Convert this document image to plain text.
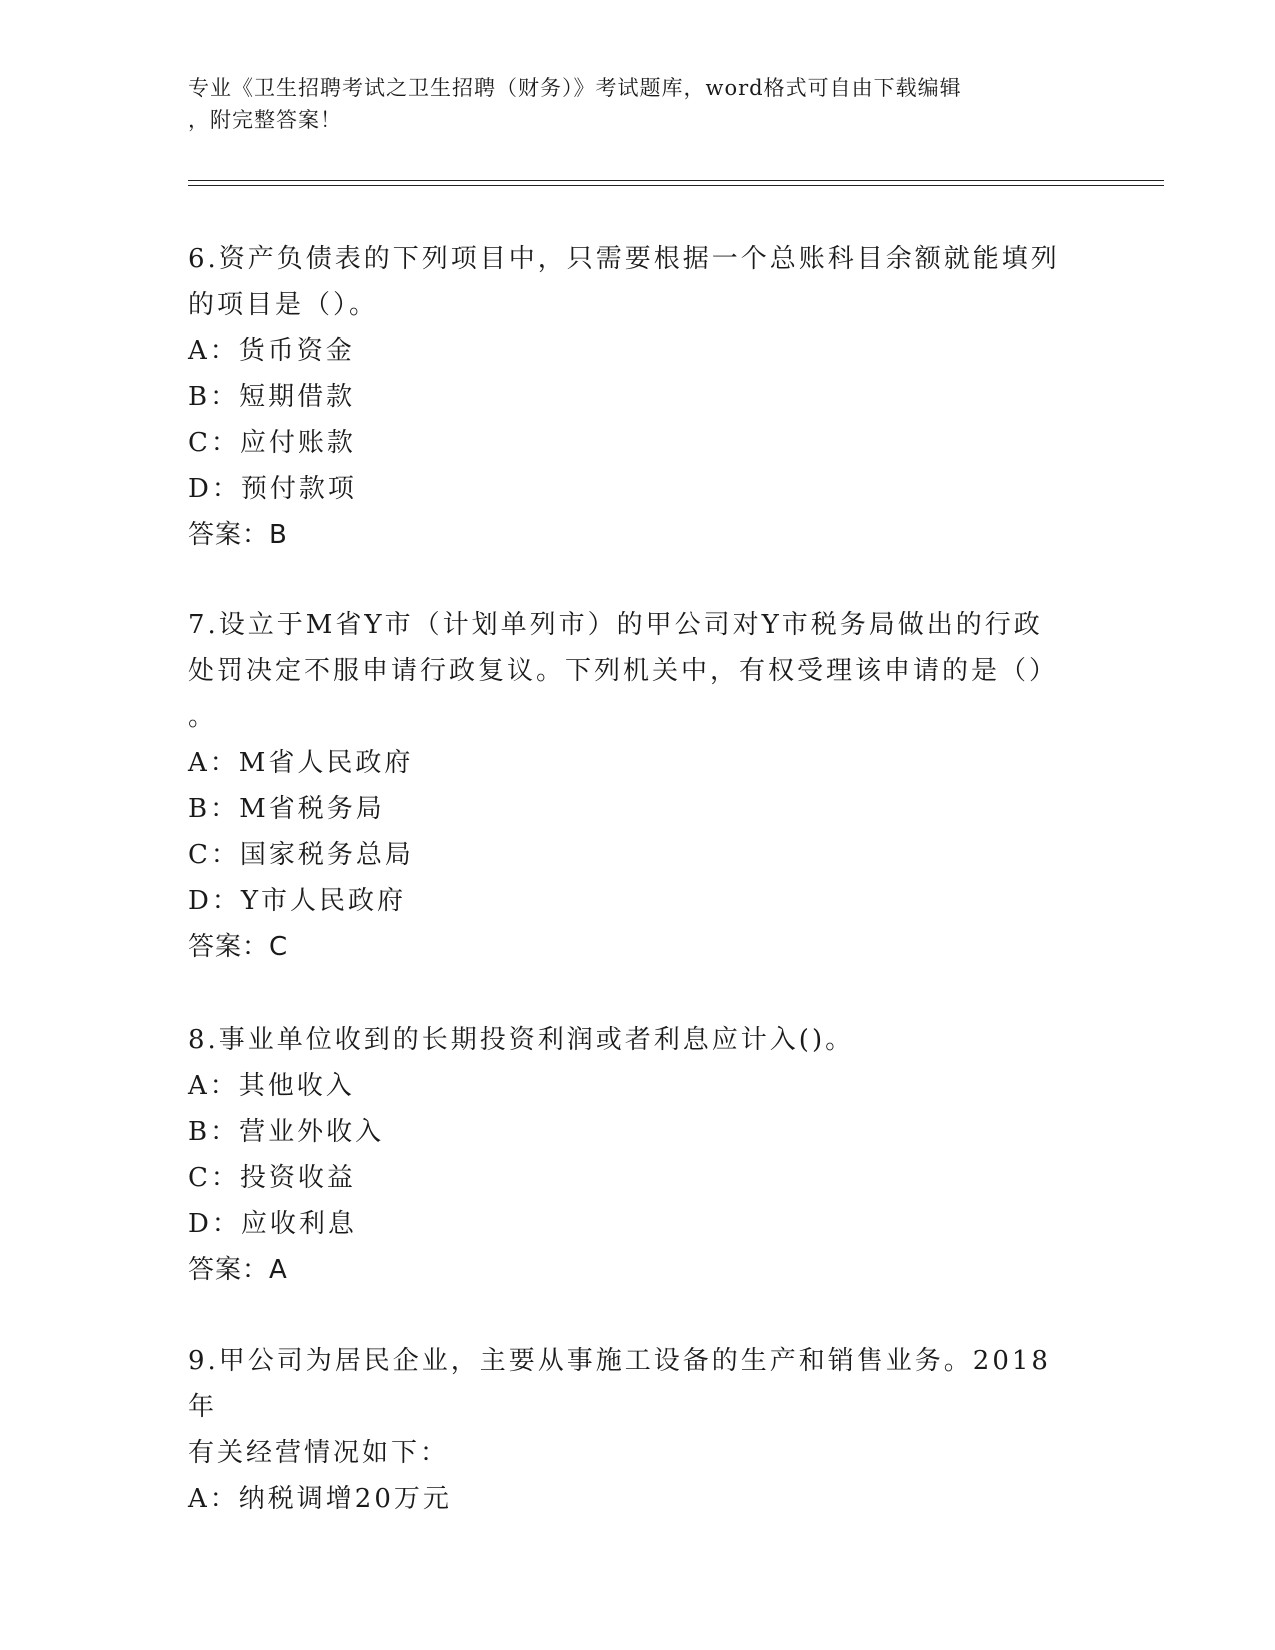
专业《卫生招聘考试之卫生招聘（财务）》考试题库，word格式可自由下载编辑
，附完整答案！
6.资产负债表的下列项目中，只需要根据一个总账科目余额就能填列
的项目是（）。
A：货币资金
B：短期借款
C：应付账款
D：预付款项
答案：B
7.设立于M省Y市（计划单列市）的甲公司对Y市税务局做出的行政
处罚决定不服申请行政复议。下列机关中，有权受理该申请的是（）
。
A：M省人民政府
B：M省税务局
C：国家税务总局
D：Y市人民政府
答案：C
8.事业单位收到的长期投资利润或者利息应计入()。
A：其他收入
B：营业外收入
C：投资收益
D：应收利息
答案：A
9.甲公司为居民企业，主要从事施工设备的生产和销售业务。2018年
有关经营情况如下：
A：纳税调增20万元
